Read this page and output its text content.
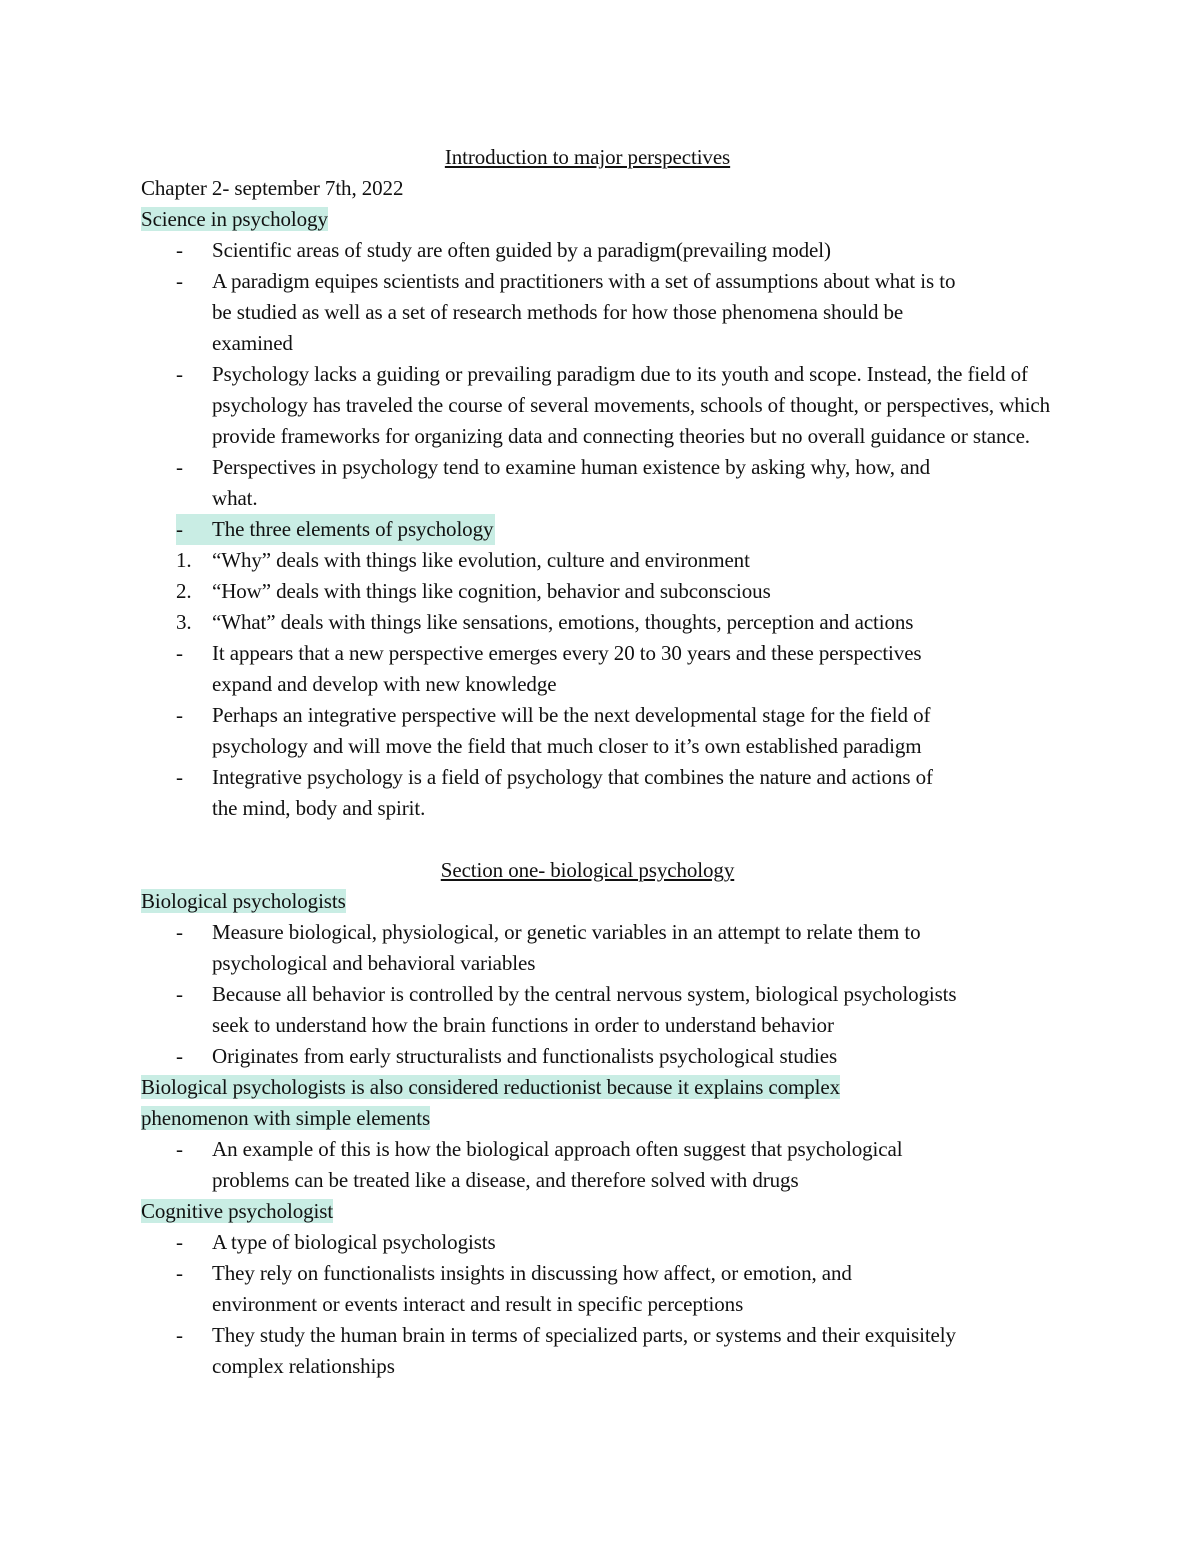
Introduction to major perspectives
Chapter 2- september 7th, 2022
Science in psychology
- Scientific areas of study are often guided by a paradigm(prevailing model)
- A paradigm equipes scientists and practitioners with a set of assumptions about what is to
be studied as well as a set of research methods for how those phenomena should be
examined
- Psychology lacks a guiding or prevailing paradigm due to its youth and scope. Instead, the field of
psychology has traveled the course of several movements, schools of thought, or perspectives, which
provide frameworks for organizing data and connecting theories but no overall guidance or stance.
- Perspectives in psychology tend to examine human existence by asking why, how, and
what.
- The three elements of psychology
1. “Why” deals with things like evolution, culture and environment
2. “How” deals with things like cognition, behavior and subconscious
3. “What” deals with things like sensations, emotions, thoughts, perception and actions
- It appears that a new perspective emerges every 20 to 30 years and these perspectives
expand and develop with new knowledge
- Perhaps an integrative perspective will be the next developmental stage for the field of
psychology and will move the field that much closer to it’s own established paradigm
- Integrative psychology is a field of psychology that combines the nature and actions of
the mind, body and spirit.
Section one- biological psychology
Biological psychologists
- Measure biological, physiological, or genetic variables in an attempt to relate them to
psychological and behavioral variables
- Because all behavior is controlled by the central nervous system, biological psychologists
seek to understand how the brain functions in order to understand behavior
- Originates from early structuralists and functionalists psychological studies
Biological psychologists is also considered reductionist because it explains complex
phenomenon with simple elements
- An example of this is how the biological approach often suggest that psychological
problems can be treated like a disease, and therefore solved with drugs
Cognitive psychologist
- A type of biological psychologists
- They rely on functionalists insights in discussing how affect, or emotion, and
environment or events interact and result in specific perceptions
- They study the human brain in terms of specialized parts, or systems and their exquisitely
complex relationships
